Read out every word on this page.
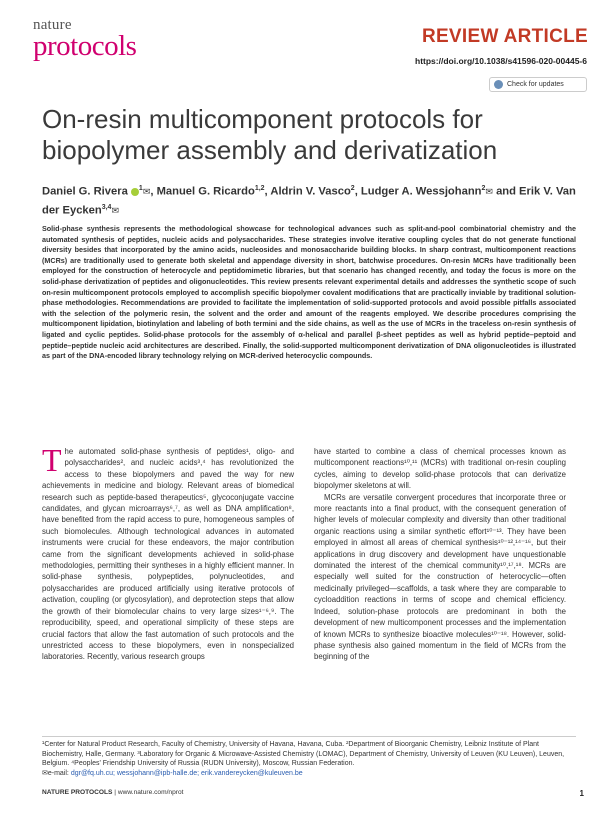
nature
protocols	REVIEW ARTICLE
https://doi.org/10.1038/s41596-020-00445-6
Check for updates
On-resin multicomponent protocols for biopolymer assembly and derivatization
Daniel G. Rivera $^1$✉, Manuel G. Ricardo$^{1,2}$, Aldrin V. Vasco$^2$, Ludger A. Wessjohann$^2$✉ and Erik V. Van der Eycken$^{3,4}$✉

Solid-phase synthesis represents the methodological showcase for technological advances such as split-and-pool combinatorial chemistry and the automated synthesis of peptides, nucleic acids and polysaccharides. These strategies involve iterative coupling cycles that do not generate functional diversity besides that incorporated by the amino acids, nucleosides and monosaccharide building blocks. In sharp contrast, multicomponent reactions (MCRs) are traditionally used to generate both skeletal and appendage diversity in short, batchwise procedures. On-resin MCRs have traditionally been employed for the construction of heterocycle and peptidomimetic libraries, but that scenario has changed recently, and today the focus is more on the solid-phase derivatization of peptides and oligonucleotides. This review presents relevant experimental details and addresses the synthetic scope of such on-resin multicomponent protocols employed to accomplish specific biopolymer covalent modifications that are practically inviable by traditional solution-phase methodologies. Recommendations are provided to facilitate the implementation of solid-supported protocols and avoid possible pitfalls associated with the selection of the polymeric resin, the solvent and the order and amount of the reagents employed. We describe procedures comprising the multicomponent lipidation, biotinylation and labeling of both termini and the side chains, as well as the use of MCRs in the traceless on-resin synthesis of ligated and cyclic peptides. Solid-phase protocols for the assembly of α-helical and parallel β-sheet peptides as well as hybrid peptide–peptoid and peptide–peptide nucleic acid architectures are described. Finally, the solid-supported multicomponent derivatization of DNA oligonucleotides is illustrated as part of the DNA-encoded library technology relying on MCR-derived heterocyclic compounds.

The automated solid-phase synthesis of peptides¹, oligo- and polysaccharides², and nucleic acids³,⁴ has revolutionized the access to these biopolymers and paved the way for new achievements in medicine and biology. Relevant areas of biomedical research such as peptide-based therapeutics⁵, glycoconjugate vaccine candidates, and glycan microarrays⁶,⁷, as well as DNA amplification⁸, have benefited from the rapid access to pure, homogeneous samples of such biomolecules. Although technological advances in automated instruments were crucial for these endeavors, the major contribution came from the significant developments achieved in solid-phase methodologies, permitting their syntheses in a highly efficient manner. In solid-phase synthesis, polypeptides, polynucleotides, and polysaccharides are produced artificially using iterative protocols of activation, coupling (or glycosylation), and deprotection steps that allow the growth of their biomolecular chains to very large sizes¹⁻⁶,⁹. The reproducibility, speed, and operational simplicity of these steps are crucial factors that allow the fast automation of such protocols and the unrestricted access to these biopolymers, even in nonspecialized laboratories. Recently, various research groups

have started to combine a class of chemical processes known as multicomponent reactions¹⁰,¹¹ (MCRs) with traditional on-resin coupling cycles, aiming to develop solid-phase protocols that can derivatize biopolymer skeletons at will.

MCRs are versatile convergent procedures that incorporate three or more reactants into a final product, with the consequent generation of higher levels of molecular complexity and diversity than other traditional organic reactions using a similar synthetic effort¹⁰⁻¹³. They have been employed in almost all areas of chemical synthesis¹⁰⁻¹²,¹⁴⁻¹⁶, but their applications in drug discovery and development have unquestionable dominated the interest of the chemical community¹⁰,¹⁷,¹⁸. MCRs are especially well suited for the construction of heterocyclic—often medicinally privileged—scaffolds, a task where they are comparable to cycloaddition reactions in terms of scope and chemical efficiency. Indeed, solution-phase protocols are predominant in both the development of new multicomponent processes and the implementation of known MCRs to synthesize bioactive molecules¹⁰⁻¹⁸. However, solid-phase synthesis also gained momentum in the field of MCRs from the beginning of the

¹Center for Natural Product Research, Faculty of Chemistry, University of Havana, Havana, Cuba. ²Department of Bioorganic Chemistry, Leibniz Institute of Plant Biochemistry, Halle, Germany. ³Laboratory for Organic & Microwave-Assisted Chemistry (LOMAC), Department of Chemistry, University of Leuven (KU Leuven), Leuven, Belgium. ⁴Peoples' Friendship University of Russia (RUDN University), Moscow, Russian Federation.
✉e-mail: dgr@fq.uh.cu; wessjohann@ipb-halle.de; erik.vandereycken@kuleuven.be
NATURE PROTOCOLS | www.nature.com/nprot	1
